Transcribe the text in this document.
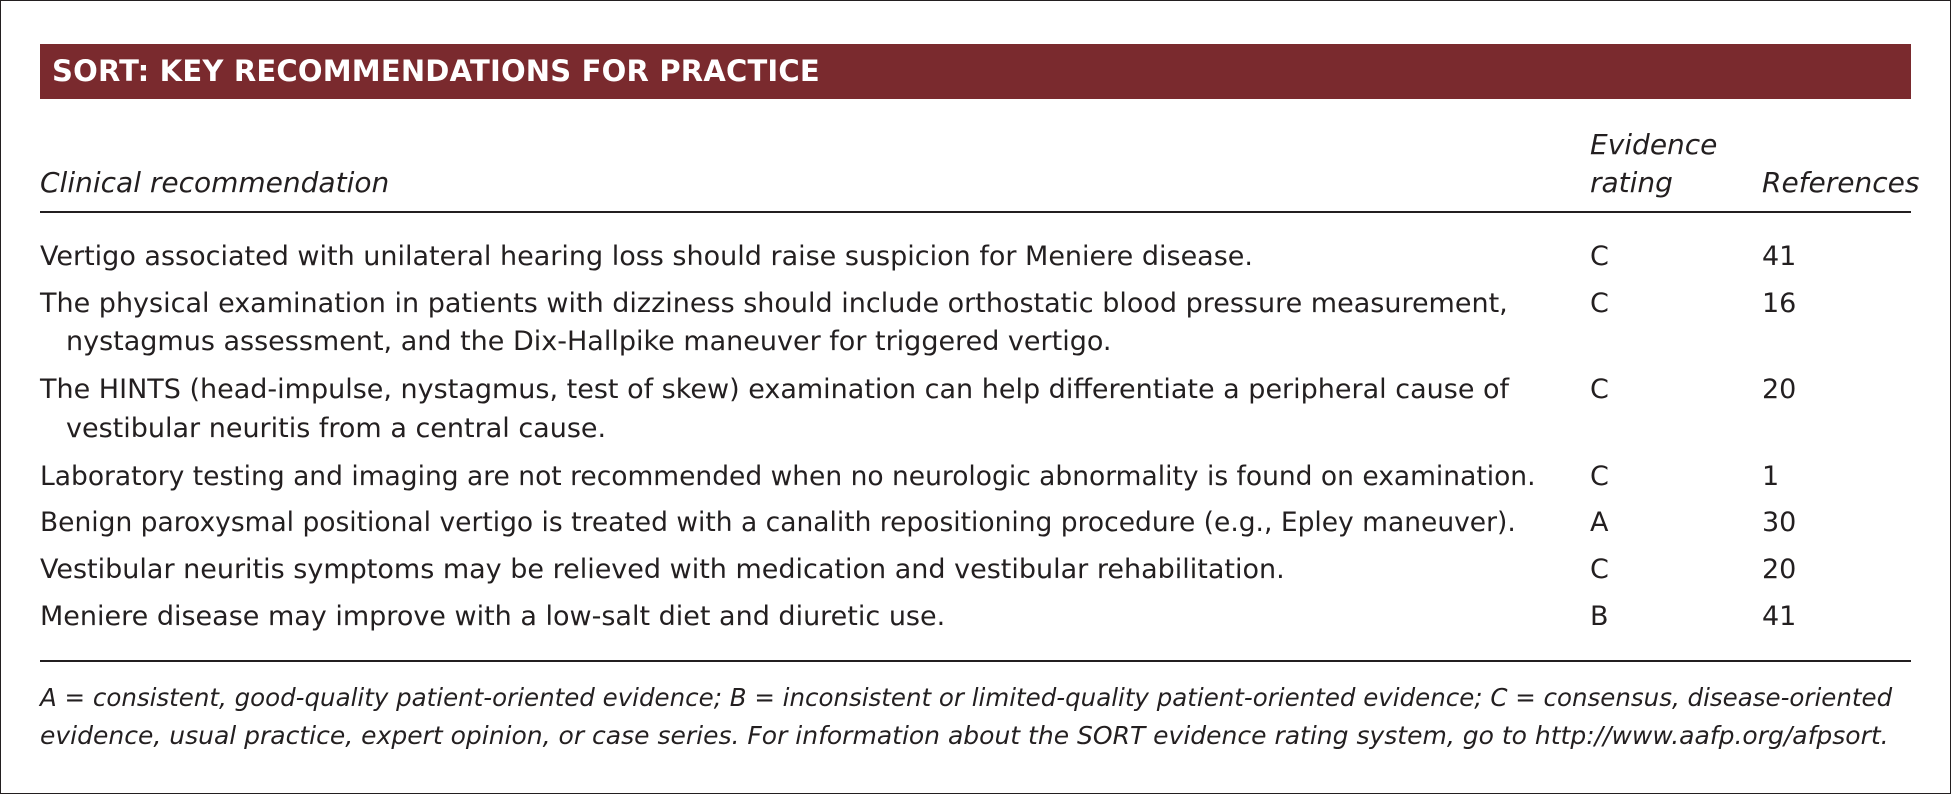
SORT: KEY RECOMMENDATIONS FOR PRACTICE
Clinical recommendation
Evidence
rating	References
Vertigo associated with unilateral hearing loss should raise suspicion for Meniere disease.	C	41
The physical examination in patients with dizziness should include orthostatic blood pressure measurement,
nystagmus assessment, and the Dix-Hallpike maneuver for triggered vertigo.
C	16
The HINTS (head-impulse, nystagmus, test of skew) examination can help differentiate a peripheral cause of
vestibular neuritis from a central cause.
C	20
Laboratory testing and imaging are not recommended when no neurologic abnormality is found on examination. C	1
Benign paroxysmal positional vertigo is treated with a canalith repositioning procedure (e.g., Epley maneuver).	A	30
Vestibular neuritis symptoms may be relieved with medication and vestibular rehabilitation.	C	20
Meniere disease may improve with a low-salt diet and diuretic use.	B	41
A = consistent, good-quality patient-oriented evidence; B = inconsistent or limited-quality patient-oriented evidence; C = consensus, disease-oriented
evidence, usual practice, expert opinion, or case series. For information about the SORT evidence rating system, go to http://www.aafp.org/afpsort.
